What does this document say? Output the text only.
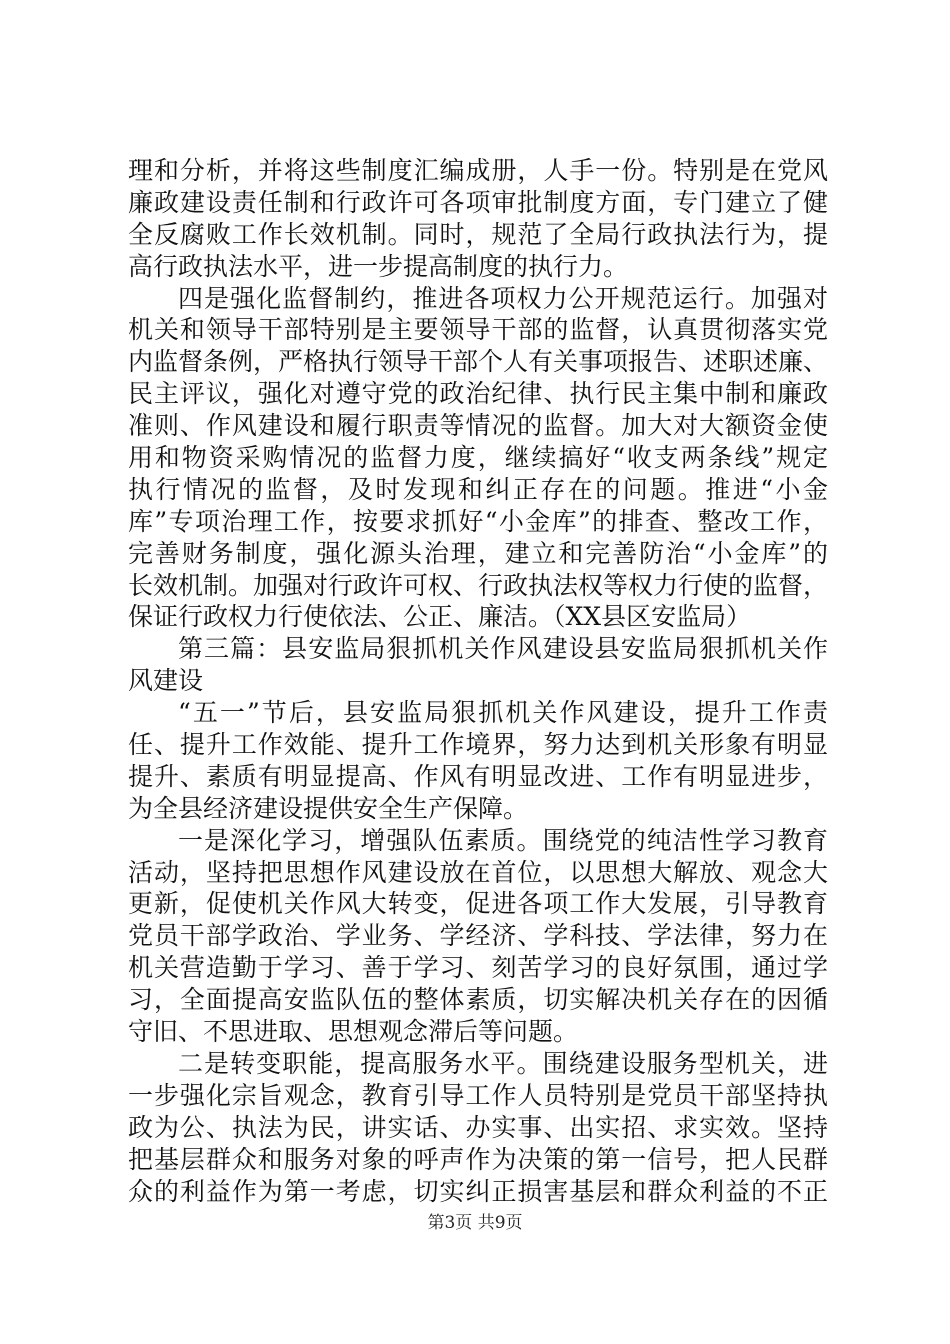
理和分析，并将这些制度汇编成册，人手一份。特别是在党风
廉政建设责任制和行政许可各项审批制度方面，专门建立了健
全反腐败工作长效机制。同时，规范了全局行政执法行为，提
高行政执法水平，进一步提高制度的执行力。
四是强化监督制约，推进各项权力公开规范运行。加强对
机关和领导干部特别是主要领导干部的监督，认真贯彻落实党
内监督条例，严格执行领导干部个人有关事项报告、述职述廉、
民主评议，强化对遵守党的政治纪律、执行民主集中制和廉政
准则、作风建设和履行职责等情况的监督。加大对大额资金使
用和物资采购情况的监督力度，继续搞好“收支两条线”规定
执行情况的监督，及时发现和纠正存在的问题。推进“小金
库”专项治理工作，按要求抓好“小金库”的排查、整改工作，
完善财务制度，强化源头治理，建立和完善防治“小金库”的
长效机制。加强对行政许可权、行政执法权等权力行使的监督，
保证行政权力行使依法、公正、廉洁。（XX县区安监局）
第三篇：县安监局狠抓机关作风建设县安监局狠抓机关作
风建设
“五一”节后，县安监局狠抓机关作风建设，提升工作责
任、提升工作效能、提升工作境界，努力达到机关形象有明显
提升、素质有明显提高、作风有明显改进、工作有明显进步，
为全县经济建设提供安全生产保障。
一是深化学习，增强队伍素质。围绕党的纯洁性学习教育
活动，坚持把思想作风建设放在首位，以思想大解放、观念大
更新，促使机关作风大转变，促进各项工作大发展，引导教育
党员干部学政治、学业务、学经济、学科技、学法律，努力在
机关营造勤于学习、善于学习、刻苦学习的良好氛围，通过学
习，全面提高安监队伍的整体素质，切实解决机关存在的因循
守旧、不思进取、思想观念滞后等问题。
二是转变职能，提高服务水平。围绕建设服务型机关，进
一步强化宗旨观念，教育引导工作人员特别是党员干部坚持执
政为公、执法为民，讲实话、办实事、出实招、求实效。坚持
把基层群众和服务对象的呼声作为决策的第一信号，把人民群
众的利益作为第一考虑，切实纠正损害基层和群众利益的不正
第3页 共9页
